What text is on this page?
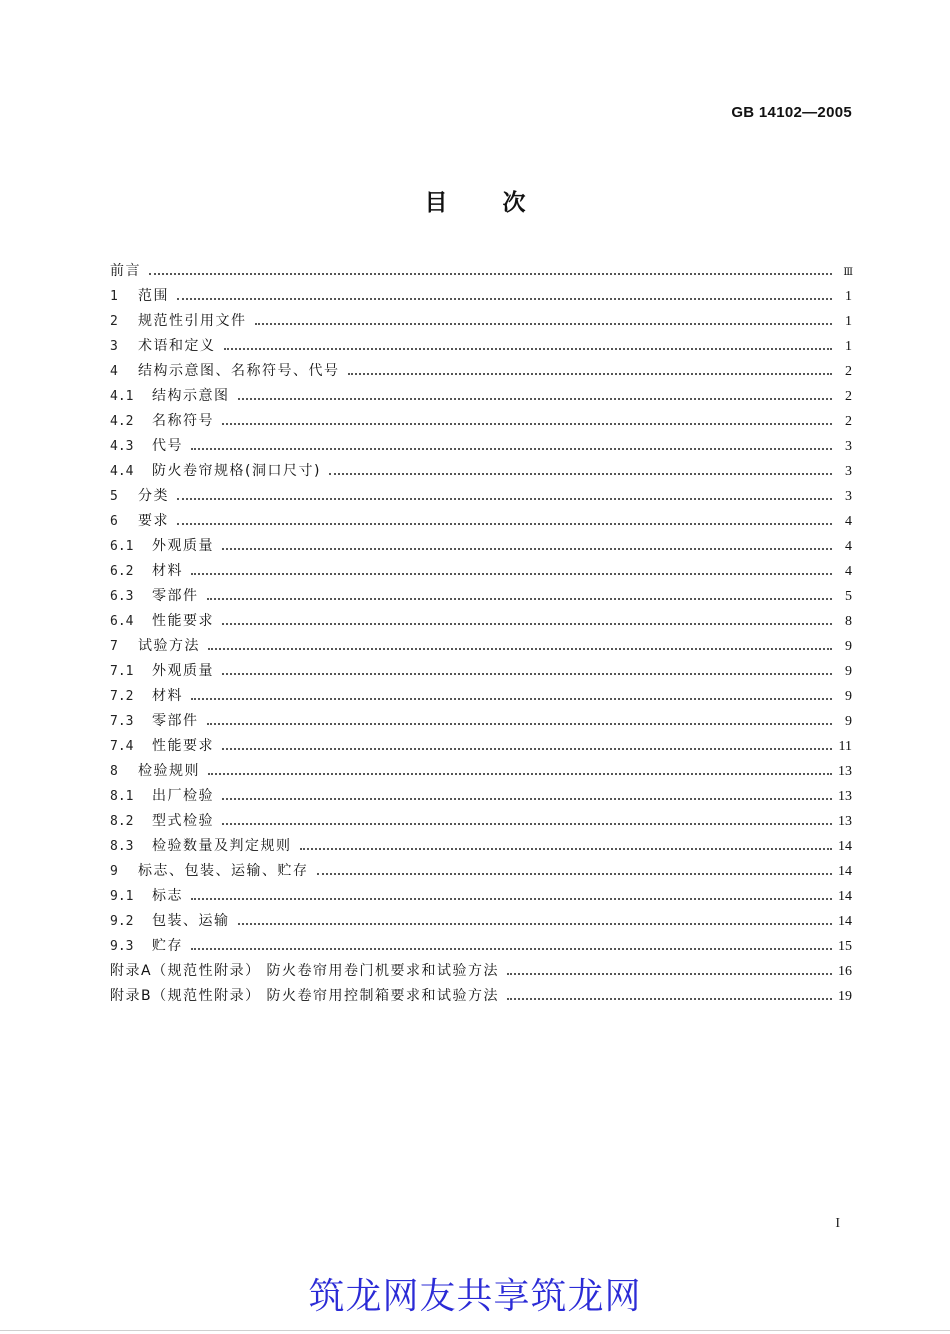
GB 14102—2005
目次
前言	Ⅲ
1	范围	1
2	规范性引用文件	1
3	术语和定义	1
4	结构示意图、名称符号、代号	2
4.1	结构示意图	2
4.2	名称符号	2
4.3	代号	3
4.4	防火卷帘规格(洞口尺寸)	3
5	分类	3
6	要求	4
6.1	外观质量	4
6.2	材料	4
6.3	零部件	5
6.4	性能要求	8
7	试验方法	9
7.1	外观质量	9
7.2	材料	9
7.3	零部件	9
7.4	性能要求	11
8	检验规则	13
8.1	出厂检验	13
8.2	型式检验	13
8.3	检验数量及判定规则	14
9	标志、包装、运输、贮存	14
9.1	标志	14
9.2	包装、运输	14
9.3	贮存	15
附录A（规范性附录） 防火卷帘用卷门机要求和试验方法	16
附录B（规范性附录） 防火卷帘用控制箱要求和试验方法	19
I
筑龙网友共享筑龙网
